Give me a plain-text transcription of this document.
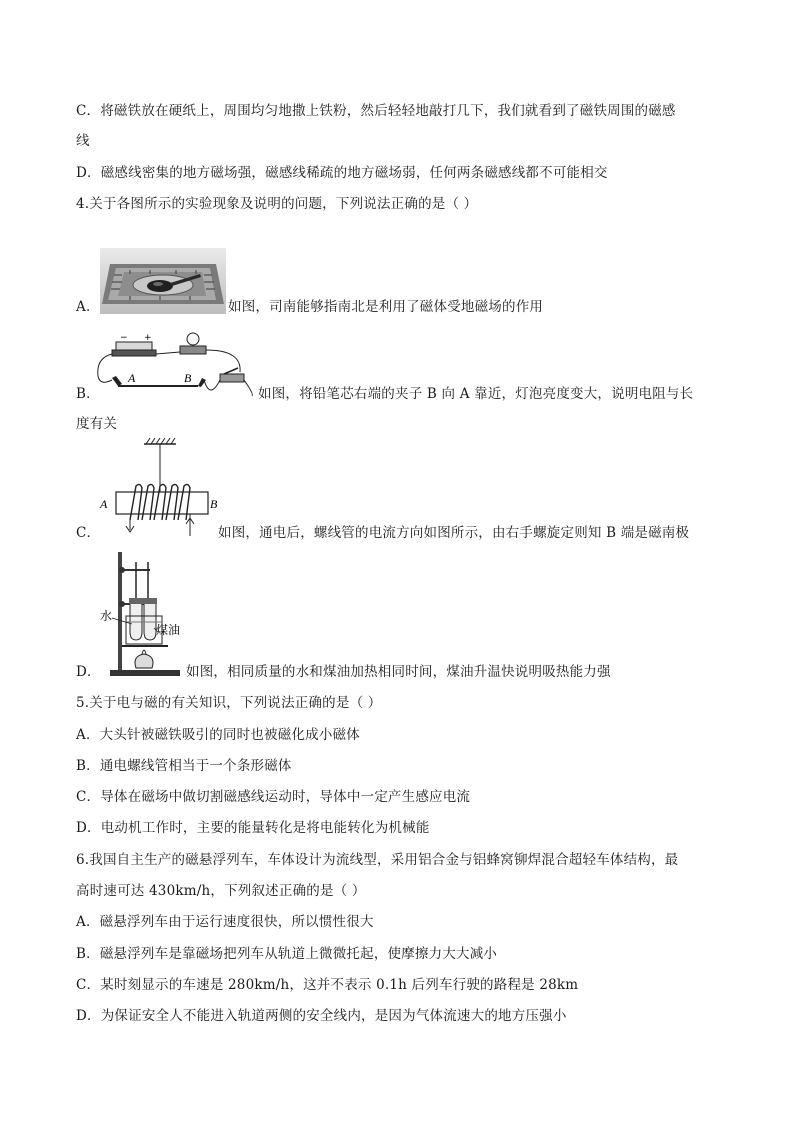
C．将磁铁放在硬纸上，周围均匀地撒上铁粉，然后轻轻地敲打几下，我们就看到了磁铁周围的磁感
线
D．磁感线密集的地方磁场强，磁感线稀疏的地方磁场弱，任何两条磁感线都不可能相交
4.关于各图所示的实验现象及说明的问题，下列说法正确的是（ ）
A．	如图，司南能够指南北是利用了磁体受地磁场的作用
B．
− +
A	B
如图，将铅笔芯右端的夹子 B 向 A 靠近，灯泡亮度变大，说明电阻与长
度有关
C．
A	B
如图，通电后，螺线管的电流方向如图所示，由右手螺旋定则知 B 端是磁南极
D．
水
煤油
如图，相同质量的水和煤油加热相同时间，煤油升温快说明吸热能力强
5.关于电与磁的有关知识，下列说法正确的是（ ）
A．大头针被磁铁吸引的同时也被磁化成小磁体
B．通电螺线管相当于一个条形磁体
C．导体在磁场中做切割磁感线运动时，导体中一定产生感应电流
D．电动机工作时，主要的能量转化是将电能转化为机械能
6.我国自主生产的磁悬浮列车，车体设计为流线型，采用铝合金与铝蜂窝铆焊混合超轻车体结构，最
高时速可达 430km/h，下列叙述正确的是（ ）
A．磁悬浮列车由于运行速度很快，所以惯性很大
B．磁悬浮列车是靠磁场把列车从轨道上微微托起，使摩擦力大大减小
C．某时刻显示的车速是 280km/h，这并不表示 0.1h 后列车行驶的路程是 28km
D．为保证安全人不能进入轨道两侧的安全线内，是因为气体流速大的地方压强小
